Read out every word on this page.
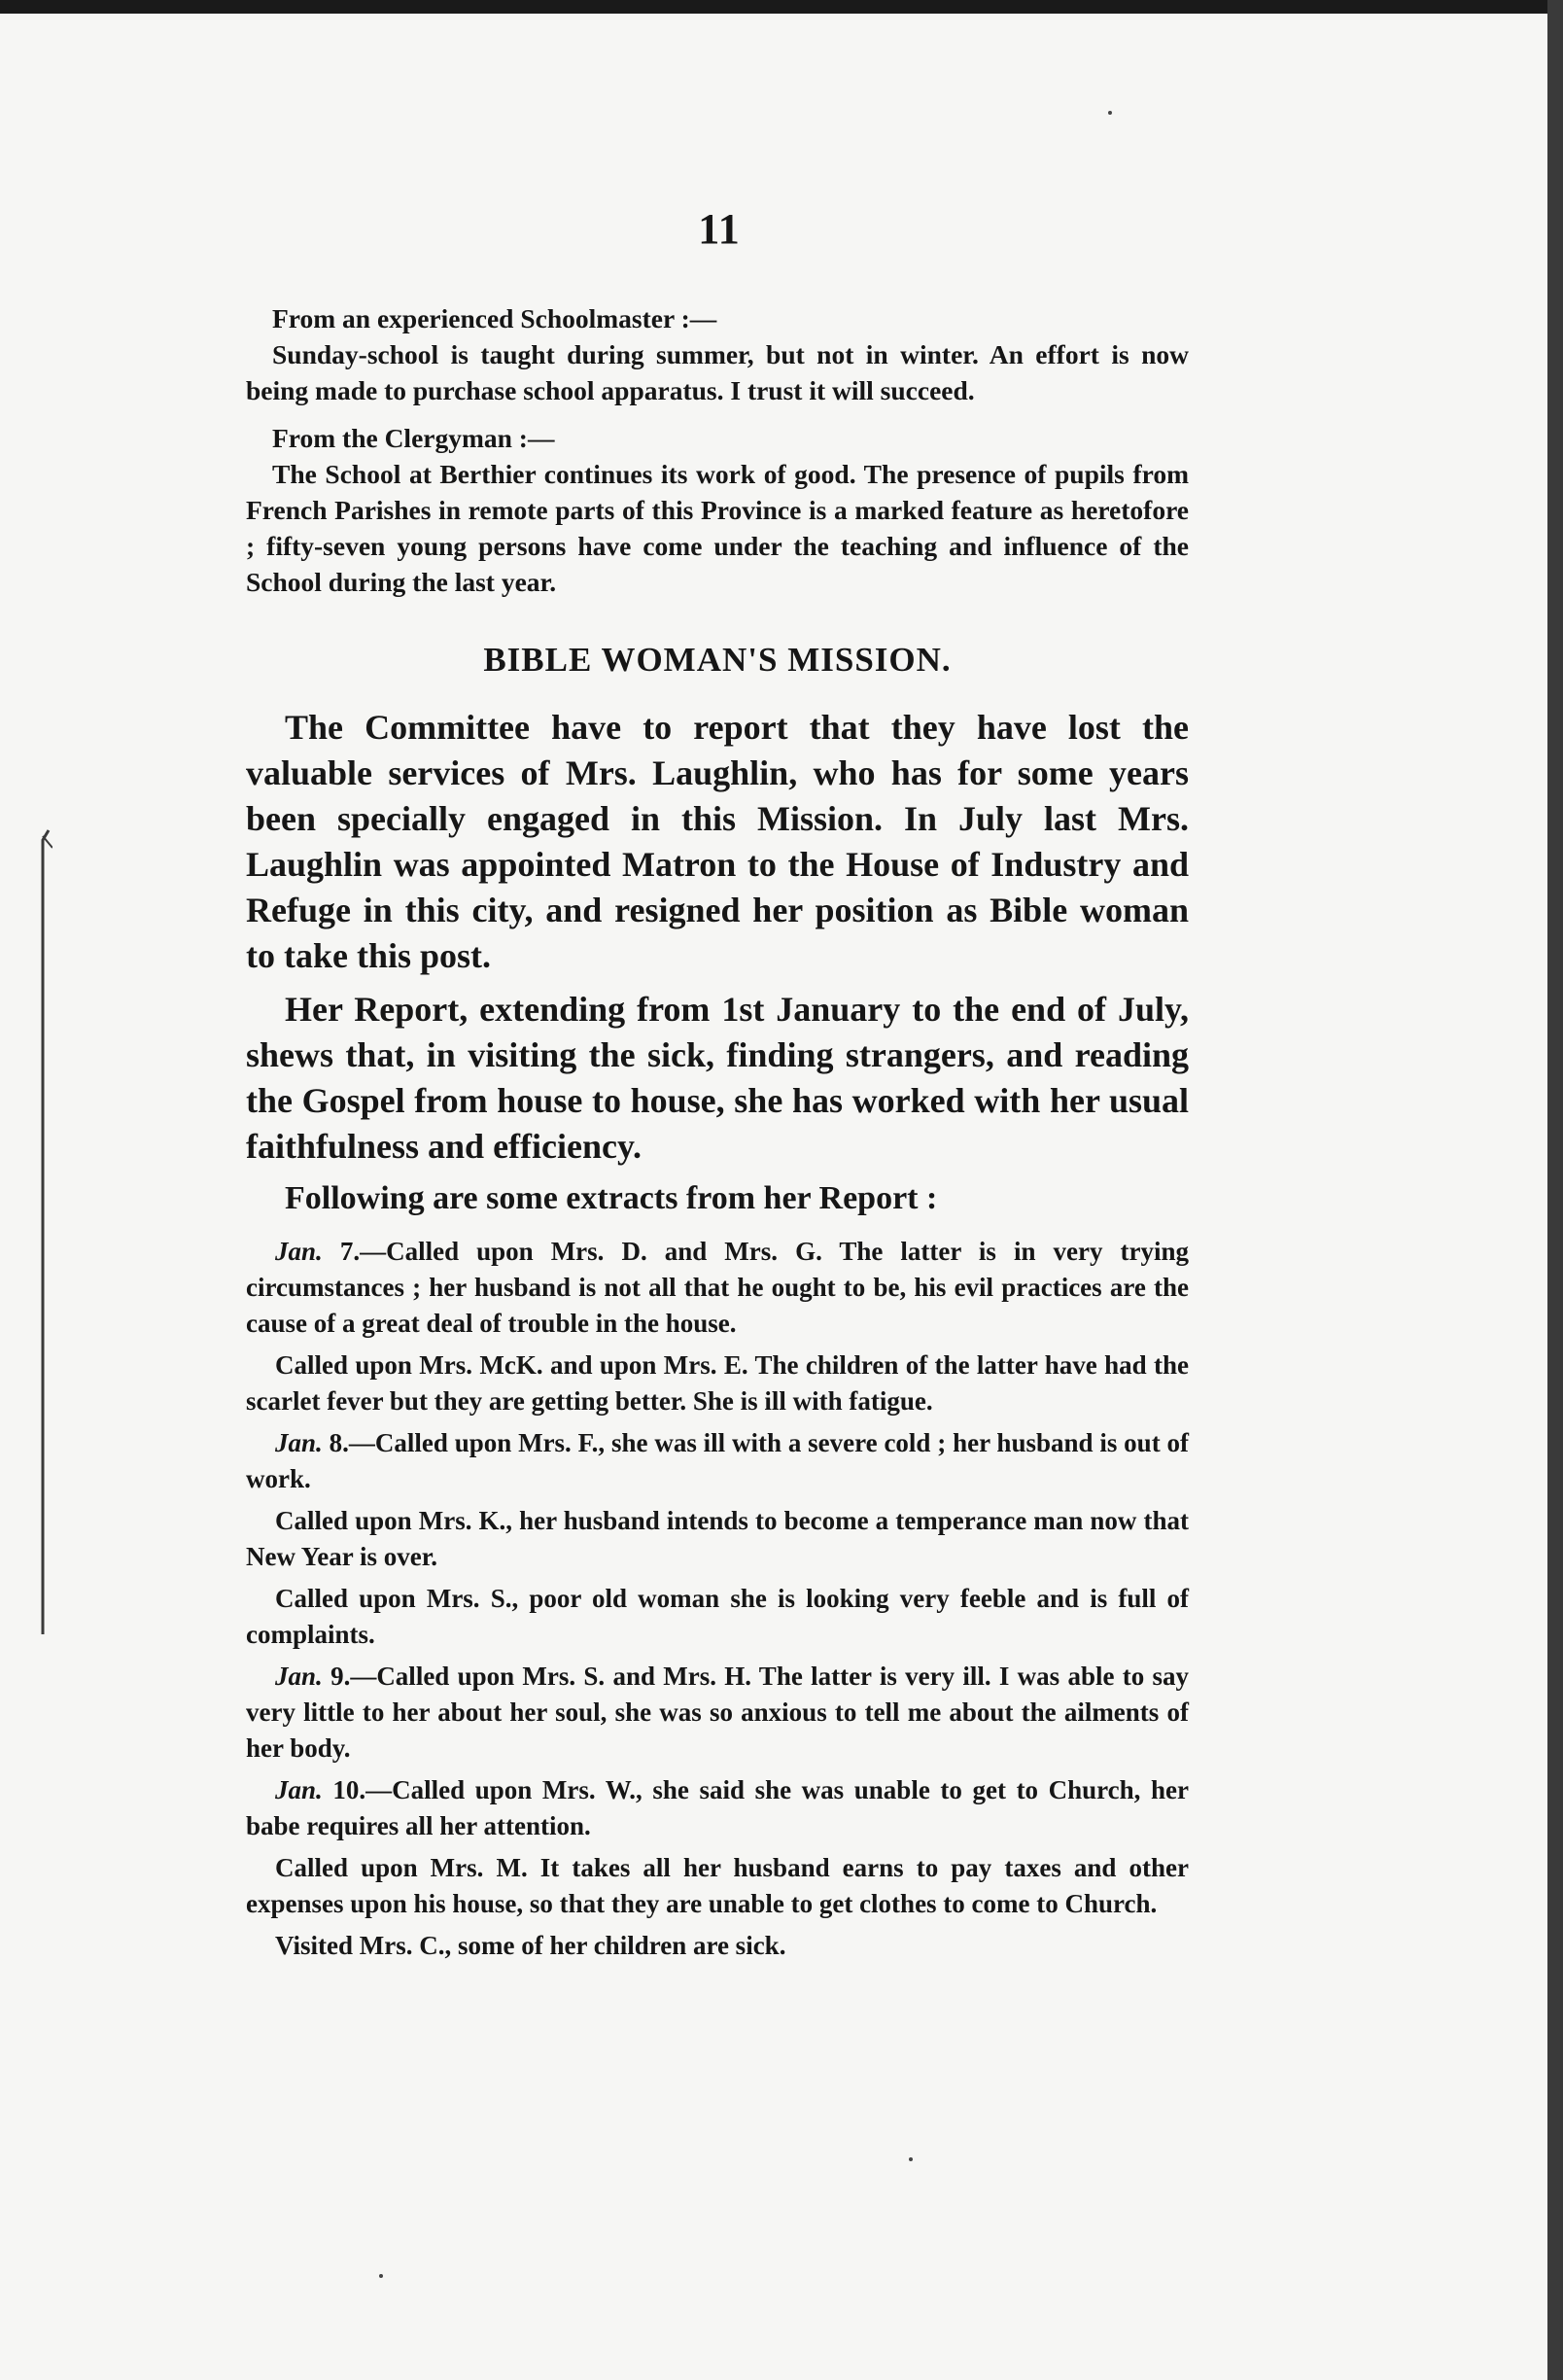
11

From an experienced Schoolmaster :—

Sunday-school is taught during summer, but not in winter. An effort is now being made to purchase school apparatus. I trust it will succeed.

From the Clergyman :—

The School at Berthier continues its work of good. The presence of pupils from French Parishes in remote parts of this Province is a marked feature as heretofore ; fifty-seven young persons have come under the teaching and influence of the School during the last year.

BIBLE WOMAN'S MISSION.

The Committee have to report that they have lost the valuable services of Mrs. Laughlin, who has for some years been specially engaged in this Mission. In July last Mrs. Laughlin was appointed Matron to the House of Industry and Refuge in this city, and resigned her position as Bible woman to take this post.

Her Report, extending from 1st January to the end of July, shews that, in visiting the sick, finding strangers, and reading the Gospel from house to house, she has worked with her usual faithfulness and efficiency.

Following are some extracts from her Report :

Jan. 7.—Called upon Mrs. D. and Mrs. G. The latter is in very trying circumstances ; her husband is not all that he ought to be, his evil practices are the cause of a great deal of trouble in the house.

Called upon Mrs. McK. and upon Mrs. E. The children of the latter have had the scarlet fever but they are getting better. She is ill with fatigue.

Jan. 8.—Called upon Mrs. F., she was ill with a severe cold ; her husband is out of work.

Called upon Mrs. K., her husband intends to become a temperance man now that New Year is over.

Called upon Mrs. S., poor old woman she is looking very feeble and is full of complaints.

Jan. 9.—Called upon Mrs. S. and Mrs. H. The latter is very ill. I was able to say very little to her about her soul, she was so anxious to tell me about the ailments of her body.

Jan. 10.—Called upon Mrs. W., she said she was unable to get to Church, her babe requires all her attention.

Called upon Mrs. M. It takes all her husband earns to pay taxes and other expenses upon his house, so that they are unable to get clothes to come to Church.

Visited Mrs. C., some of her children are sick.
